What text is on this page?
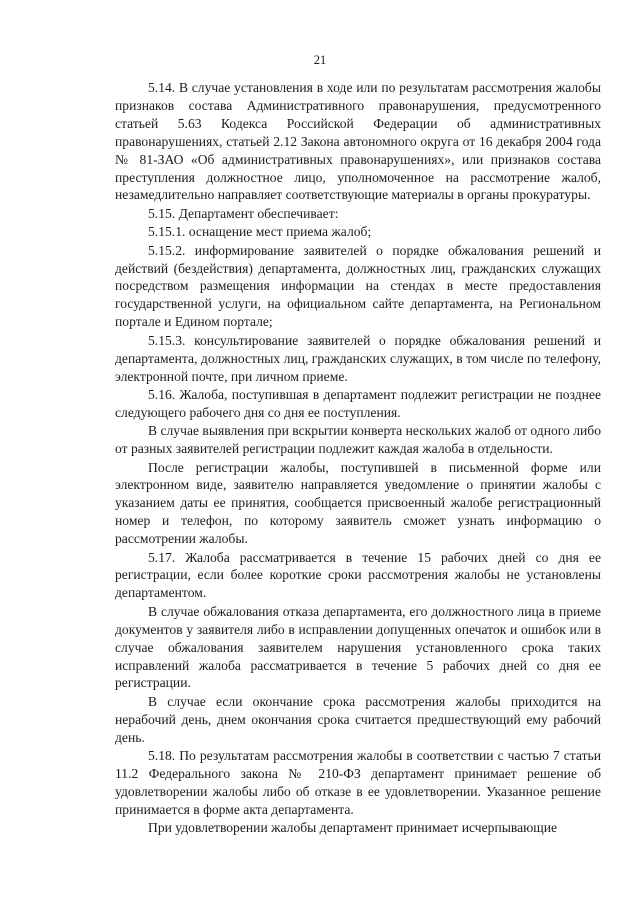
21

5.14. В случае установления в ходе или по результатам рассмотрения жалобы признаков состава Административного правонарушения, предусмотренного статьей 5.63 Кодекса Российской Федерации об административных правонарушениях, статьей 2.12 Закона автономного округа от 16 декабря 2004 года № 81-ЗАО «Об административных правонарушениях», или признаков состава преступления должностное лицо, уполномоченное на рассмотрение жалоб, незамедлительно направляет соответствующие материалы в органы прокуратуры.

5.15. Департамент обеспечивает:

5.15.1. оснащение мест приема жалоб;

5.15.2. информирование заявителей о порядке обжалования решений и действий (бездействия) департамента, должностных лиц, гражданских служащих посредством размещения информации на стендах в месте предоставления государственной услуги, на официальном сайте департамента, на Региональном портале и Едином портале;

5.15.3. консультирование заявителей о порядке обжалования решений и департамента, должностных лиц, гражданских служащих, в том числе по телефону, электронной почте, при личном приеме.

5.16. Жалоба, поступившая в департамент подлежит регистрации не позднее следующего рабочего дня со дня ее поступления.

В случае выявления при вскрытии конверта нескольких жалоб от одного либо от разных заявителей регистрации подлежит каждая жалоба в отдельности.

После регистрации жалобы, поступившей в письменной форме или электронном виде, заявителю направляется уведомление о принятии жалобы с указанием даты ее принятия, сообщается присвоенный жалобе регистрационный номер и телефон, по которому заявитель сможет узнать информацию о рассмотрении жалобы.

5.17. Жалоба рассматривается в течение 15 рабочих дней со дня ее регистрации, если более короткие сроки рассмотрения жалобы не установлены департаментом.

В случае обжалования отказа департамента, его должностного лица в приеме документов у заявителя либо в исправлении допущенных опечаток и ошибок или в случае обжалования заявителем нарушения установленного срока таких исправлений жалоба рассматривается в течение 5 рабочих дней со дня ее регистрации.

В случае если окончание срока рассмотрения жалобы приходится на нерабочий день, днем окончания срока считается предшествующий ему рабочий день.

5.18. По результатам рассмотрения жалобы в соответствии с частью 7 статьи 11.2 Федерального закона № 210-ФЗ департамент принимает решение об удовлетворении жалобы либо об отказе в ее удовлетворении. Указанное решение принимается в форме акта департамента.

При удовлетворении жалобы департамент принимает исчерпывающие
